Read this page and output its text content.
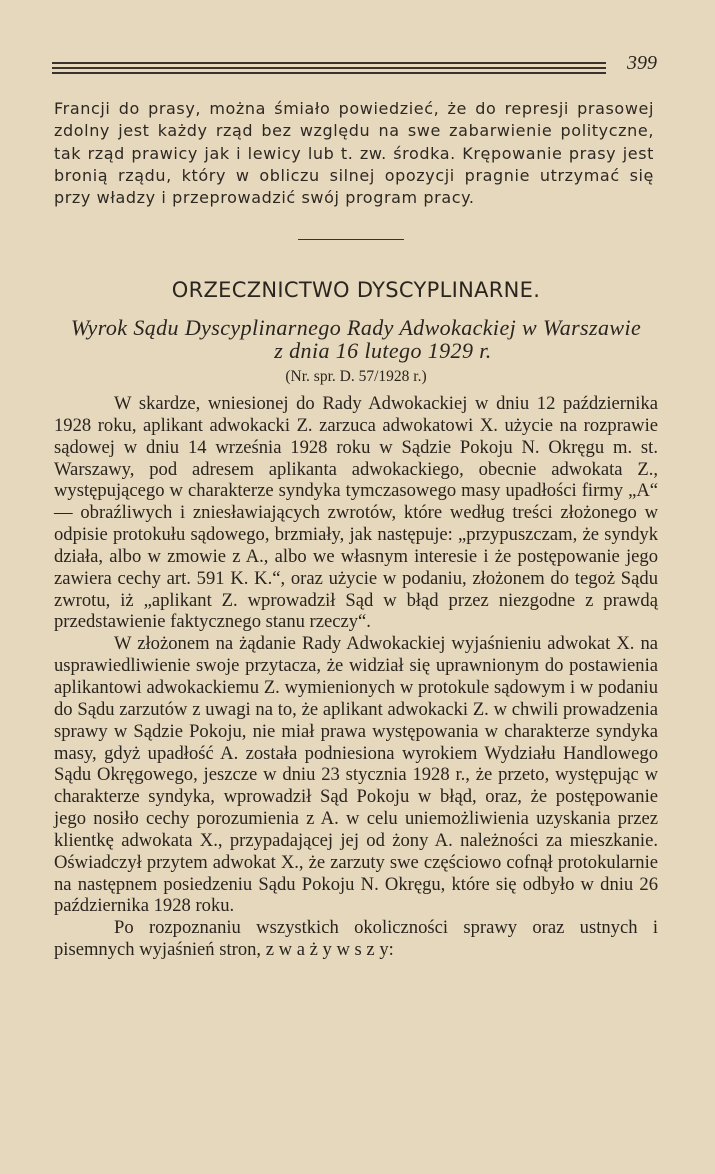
399

Francji do prasy, można śmiało powiedzieć, że do represji prasowej zdolny jest każdy rząd bez względu na swe zabarwienie polityczne, tak rząd prawicy jak i lewicy lub t. zw. środka. Krępowanie prasy jest bronią rządu, który w obliczu silnej opozycji pragnie utrzymać się przy władzy i przeprowadzić swój program pracy.

ORZECZNICTWO DYSCYPLINARNE.
Wyrok Sądu Dyscyplinarnego Rady Adwokackiej w Warszawie
z dnia 16 lutego 1929 r.
(Nr. spr. D. 57/1928 r.)

W skardze, wniesionej do Rady Adwokackiej w dniu 12 października 1928 roku, aplikant adwokacki Z. zarzuca adwokatowi X. użycie na rozprawie sądowej w dniu 14 września 1928 roku w Sądzie Pokoju N. Okręgu m. st. Warszawy, pod adresem aplikanta adwokackiego, obecnie adwokata Z., występującego w charakterze syndyka tymczasowego masy upadłości firmy „A“ — obraźliwych i zniesławiających zwrotów, które według treści złożonego w odpisie protokułu sądowego, brzmiały, jak następuje: „przypuszczam, że syndyk działa, albo w zmowie z A., albo we własnym interesie i że postępowanie jego zawiera cechy art. 591 K. K.“, oraz użycie w podaniu, złożonem do tegoż Sądu zwrotu, iż „aplikant Z. wprowadził Sąd w błąd przez niezgodne z prawdą przedstawienie faktycznego stanu rzeczy“.

W złożonem na żądanie Rady Adwokackiej wyjaśnieniu adwokat X. na usprawiedliwienie swoje przytacza, że widział się uprawnionym do postawienia aplikantowi adwokackiemu Z. wymienionych w protokule sądowym i w podaniu do Sądu zarzutów z uwagi na to, że aplikant adwokacki Z. w chwili prowadzenia sprawy w Sądzie Pokoju, nie miał prawa występowania w charakterze syndyka masy, gdyż upadłość A. została podniesiona wyrokiem Wydziału Handlowego Sądu Okręgowego, jeszcze w dniu 23 stycznia 1928 r., że przeto, występując w charakterze syndyka, wprowadził Sąd Pokoju w błąd, oraz, że postępowanie jego nosiło cechy porozumienia z A. w celu uniemożliwienia uzyskania przez klientkę adwokata X., przypadającej jej od żony A. należności za mieszkanie. Oświadczył przytem adwokat X., że zarzuty swe częściowo cofnął protokularnie na następnem posiedzeniu Sądu Pokoju N. Okręgu, które się odbyło w dniu 26 października 1928 roku.

Po rozpoznaniu wszystkich okoliczności sprawy oraz ustnych i pisemnych wyjaśnień stron, z w a ż y w s z y:
